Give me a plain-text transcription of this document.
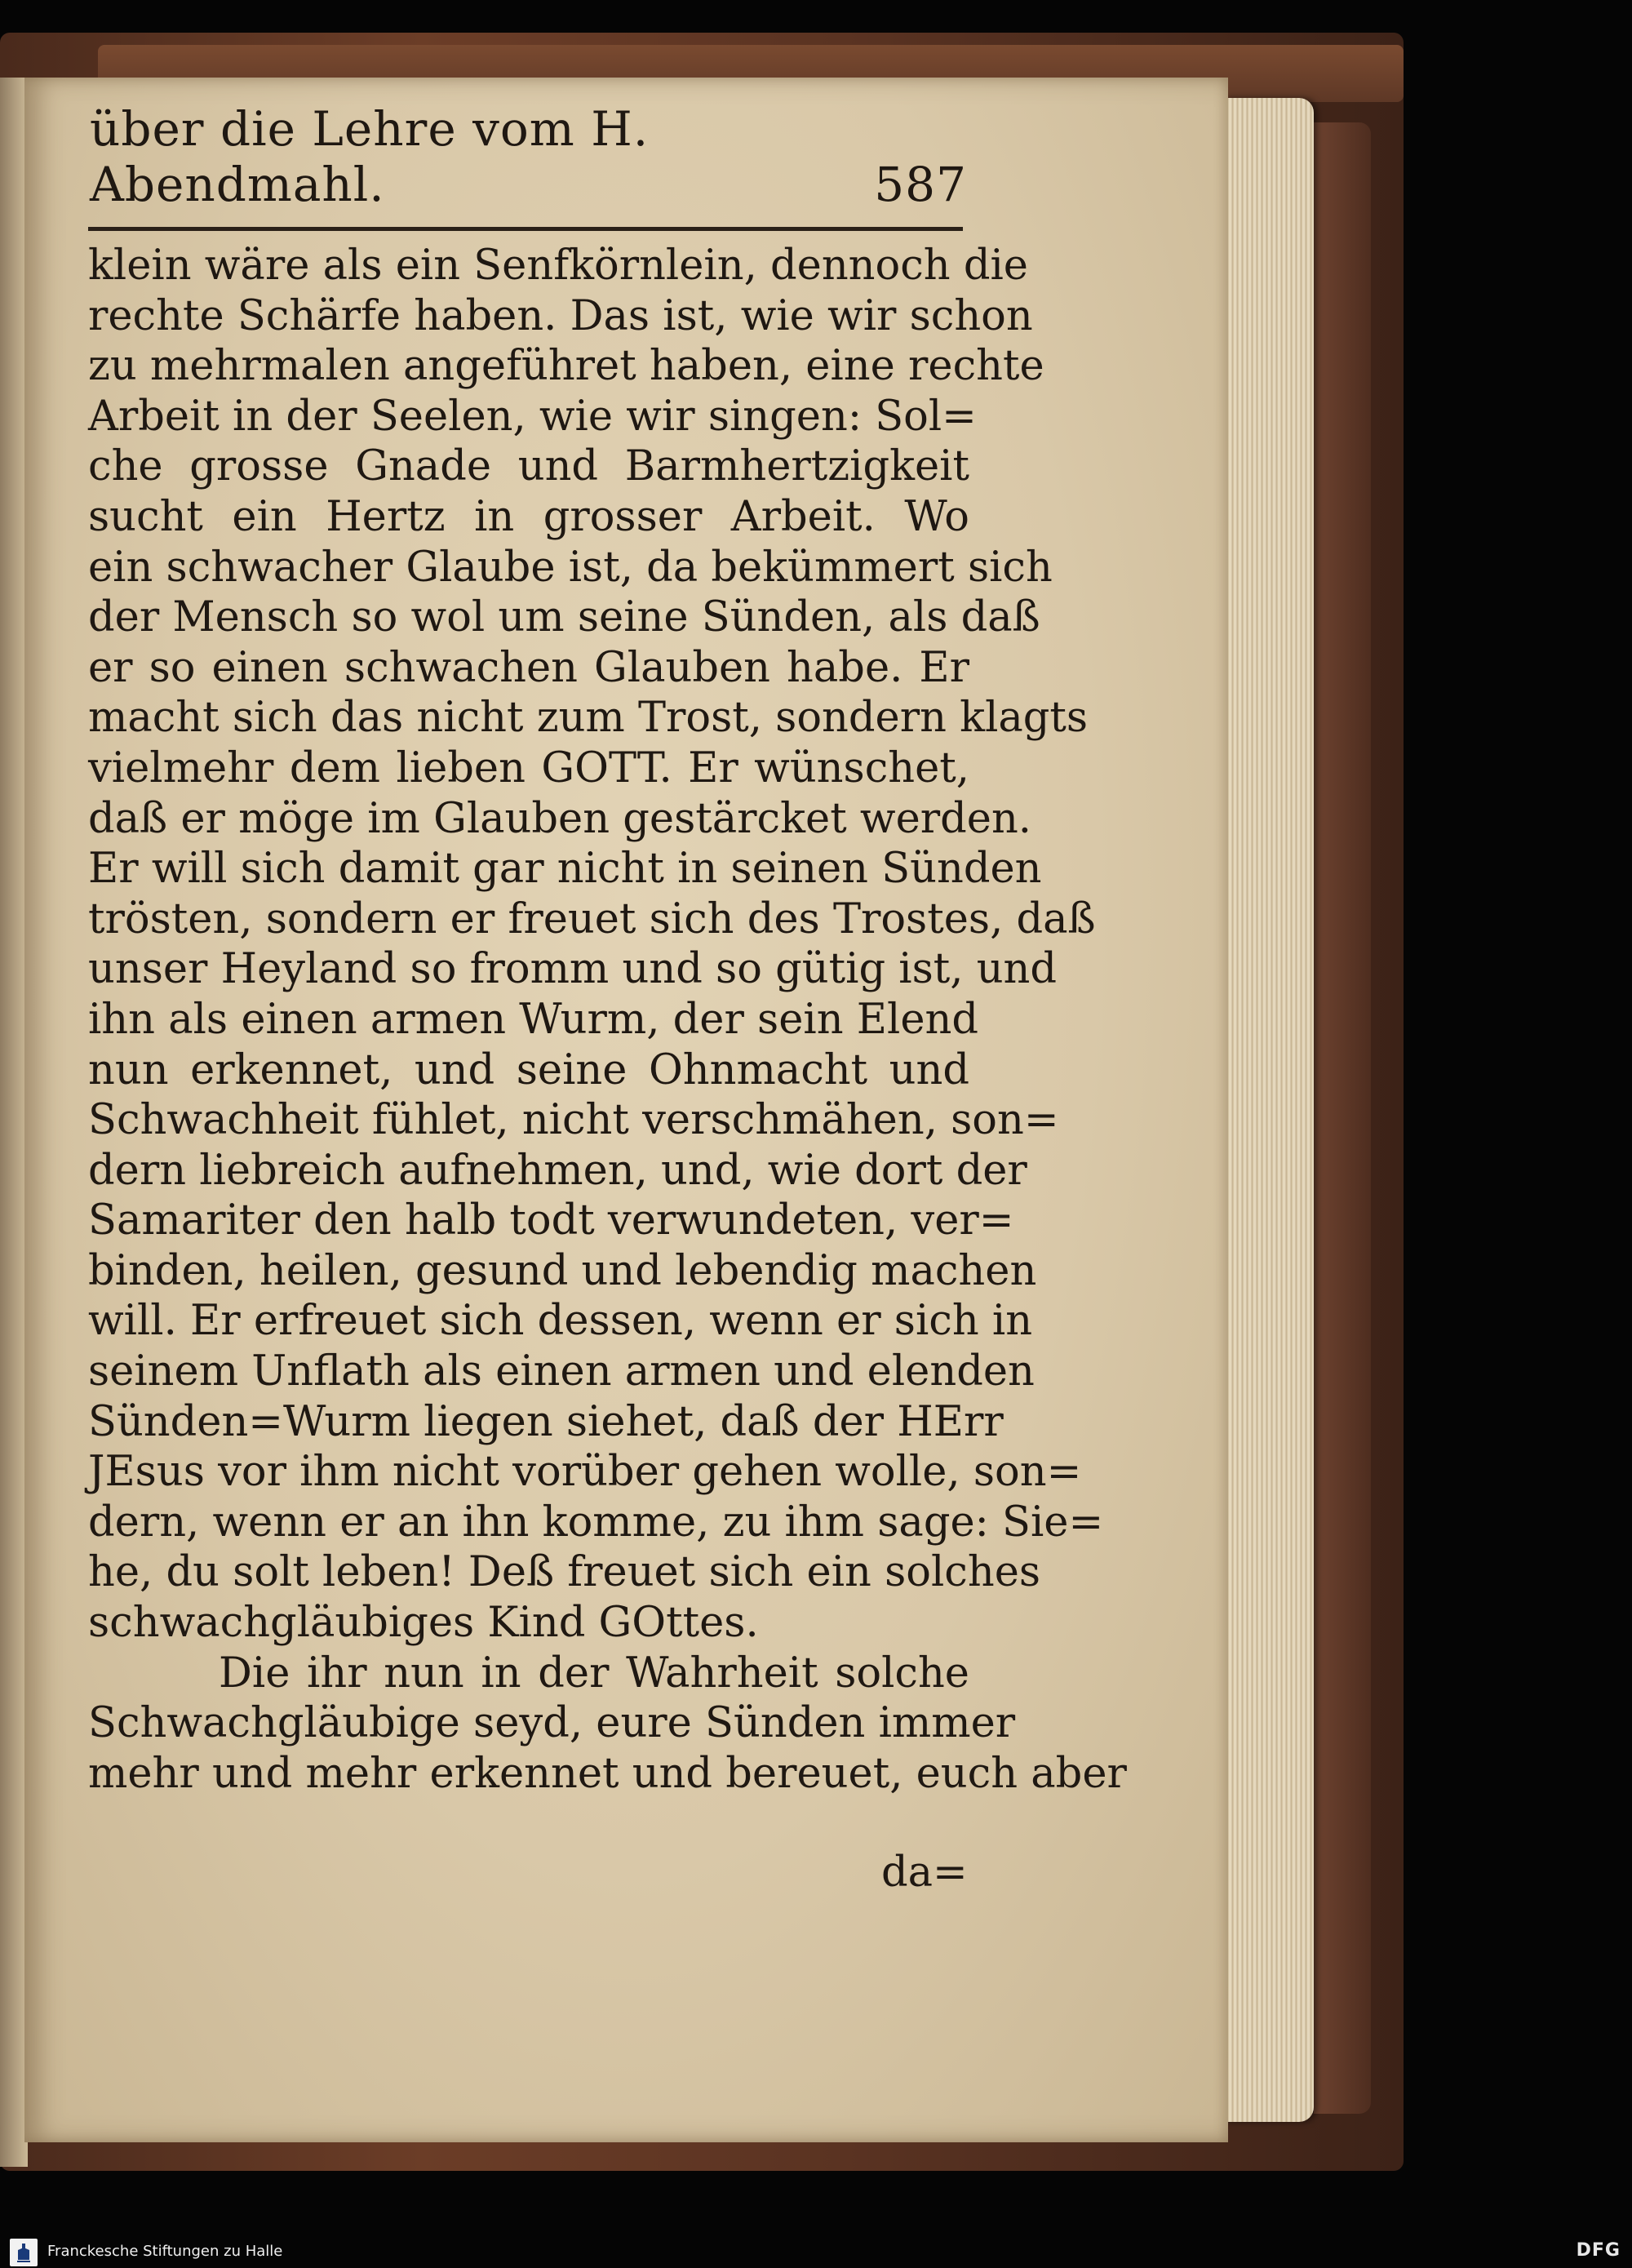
über die Lehre vom H. Abendmahl.	587
klein wäre als ein Senfkörnlein, dennoch die
rechte Schärfe haben. Das ist, wie wir schon
zu mehrmalen angeführet haben, eine rechte
Arbeit in der Seelen, wie wir singen: Sol=
che grosse Gnade und Barmhertzigkeit
sucht ein Hertz in grosser Arbeit. Wo
ein schwacher Glaube ist, da bekümmert sich
der Mensch so wol um seine Sünden, als daß
er so einen schwachen Glauben habe. Er
macht sich das nicht zum Trost, sondern klagts
vielmehr dem lieben GOTT. Er wünschet,
daß er möge im Glauben gestärcket werden.
Er will sich damit gar nicht in seinen Sünden
trösten, sondern er freuet sich des Trostes, daß
unser Heyland so fromm und so gütig ist, und
ihn als einen armen Wurm, der sein Elend
nun erkennet, und seine Ohnmacht und
Schwachheit fühlet, nicht verschmähen, son=
dern liebreich aufnehmen, und, wie dort der
Samariter den halb todt verwundeten, ver=
binden, heilen, gesund und lebendig machen
will. Er erfreuet sich dessen, wenn er sich in
seinem Unflath als einen armen und elenden
Sünden=Wurm liegen siehet, daß der HErr
JEsus vor ihm nicht vorüber gehen wolle, son=
dern, wenn er an ihn komme, zu ihm sage: Sie=
he, du solt leben! Deß freuet sich ein solches
schwachgläubiges Kind GOttes.
Die ihr nun in der Wahrheit solche
Schwachgläubige seyd, eure Sünden immer
mehr und mehr erkennet und bereuet, euch aber
da=
Franckesche Stiftungen zu Halle	DFG
